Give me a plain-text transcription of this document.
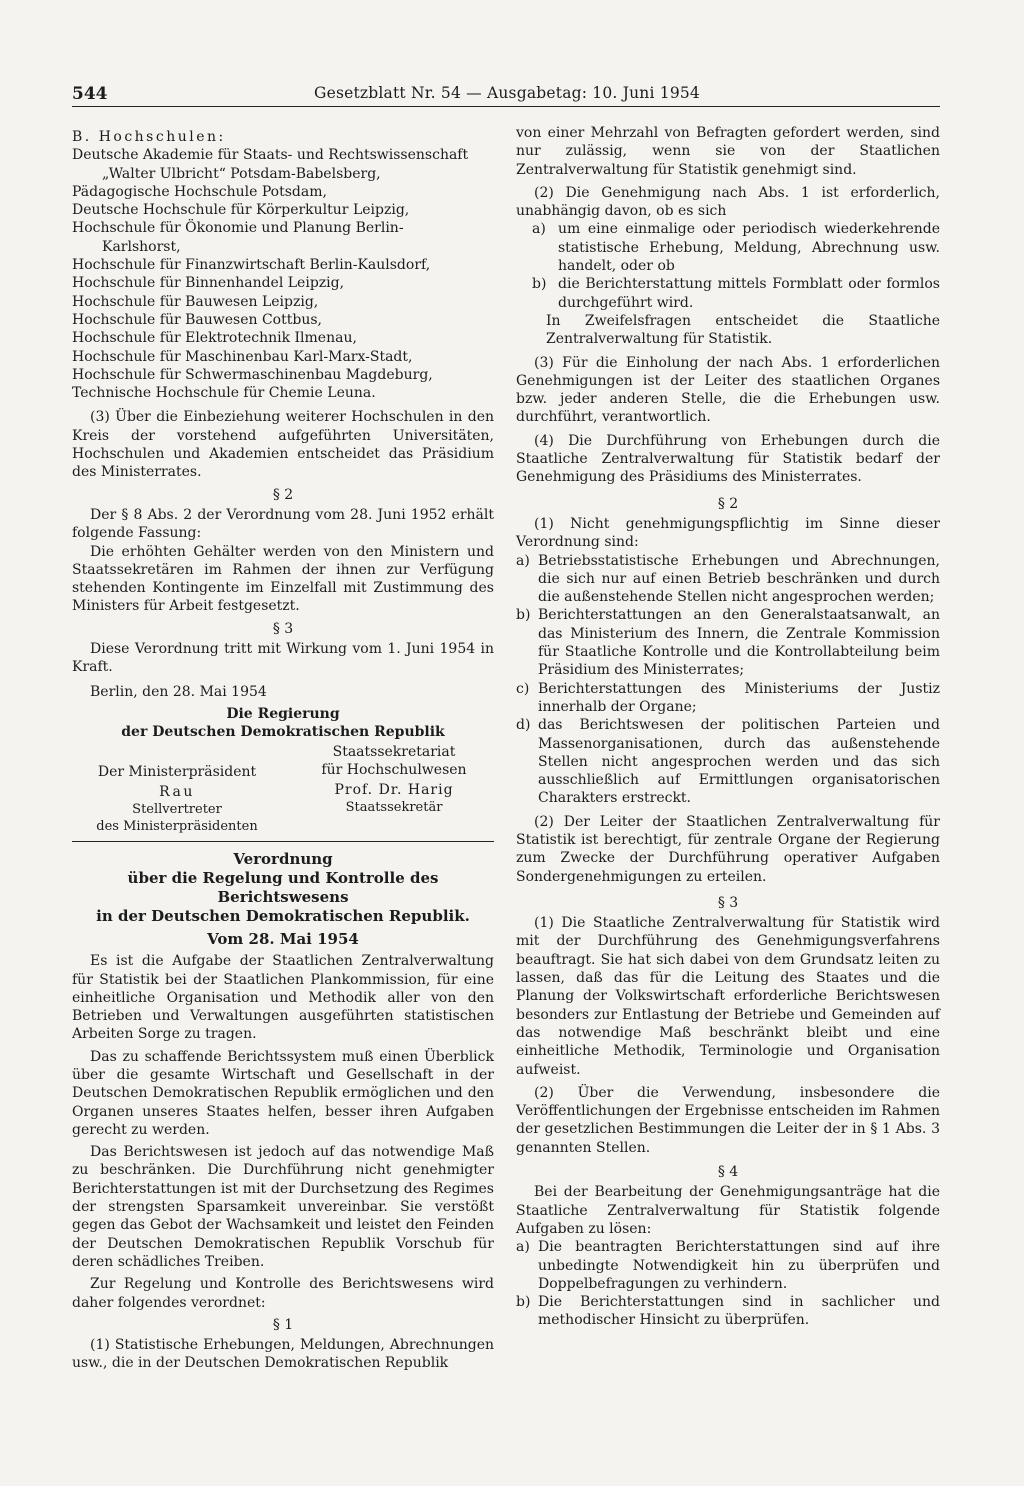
544	Gesetzblatt Nr. 54 — Ausgabetag: 10. Juni 1954

B. Hochschulen:

Deutsche Akademie für Staats- und Rechtswissenschaft

„Walter Ulbricht“ Potsdam-Babelsberg,

Pädagogische Hochschule Potsdam,

Deutsche Hochschule für Körperkultur Leipzig,

Hochschule für Ökonomie und Planung Berlin-

Karlshorst,

Hochschule für Finanzwirtschaft Berlin-Kaulsdorf,

Hochschule für Binnenhandel Leipzig,

Hochschule für Bauwesen Leipzig,

Hochschule für Bauwesen Cottbus,

Hochschule für Elektrotechnik Ilmenau,

Hochschule für Maschinenbau Karl-Marx-Stadt,

Hochschule für Schwermaschinenbau Magdeburg,

Technische Hochschule für Chemie Leuna.

(3) Über die Einbeziehung weiterer Hochschulen in den Kreis der vorstehend aufgeführten Universitäten, Hochschulen und Akademien entscheidet das Präsidium des Ministerrates.

§ 2

Der § 8 Abs. 2 der Verordnung vom 28. Juni 1952 erhält folgende Fassung:

Die erhöhten Gehälter werden von den Ministern und Staatssekretären im Rahmen der ihnen zur Verfügung stehenden Kontingente im Einzelfall mit Zustimmung des Ministers für Arbeit festgesetzt.

§ 3

Diese Verordnung tritt mit Wirkung vom 1. Juni 1954 in Kraft.

Berlin, den 28. Mai 1954

Die Regierung
der Deutschen Demokratischen Republik
Der Ministerpräsident
Rau
Stellvertreter
des Ministerpräsidenten
Staatssekretariat
für Hochschulwesen
Prof. Dr. Harig
Staatssekretär
Verordnung
über die Regelung und Kontrolle des Berichtswesens
in der Deutschen Demokratischen Republik.
Vom 28. Mai 1954

Es ist die Aufgabe der Staatlichen Zentralverwaltung für Statistik bei der Staatlichen Plankommission, für eine einheitliche Organisation und Methodik aller von den Betrieben und Verwaltungen ausgeführten statistischen Arbeiten Sorge zu tragen.

Das zu schaffende Berichtssystem muß einen Überblick über die gesamte Wirtschaft und Gesellschaft in der Deutschen Demokratischen Republik ermöglichen und den Organen unseres Staates helfen, besser ihren Aufgaben gerecht zu werden.

Das Berichtswesen ist jedoch auf das notwendige Maß zu beschränken. Die Durchführung nicht genehmigter Berichterstattungen ist mit der Durchsetzung des Regimes der strengsten Sparsamkeit unvereinbar. Sie verstößt gegen das Gebot der Wachsamkeit und leistet den Feinden der Deutschen Demokratischen Republik Vorschub für deren schädliches Treiben.

Zur Regelung und Kontrolle des Berichtswesens wird daher folgendes verordnet:

§ 1

(1) Statistische Erhebungen, Meldungen, Abrechnungen usw., die in der Deutschen Demokratischen Republik

von einer Mehrzahl von Befragten gefordert werden, sind nur zulässig, wenn sie von der Staatlichen Zentralverwaltung für Statistik genehmigt sind.

(2) Die Genehmigung nach Abs. 1 ist erforderlich, unabhängig davon, ob es sich

a) um eine einmalige oder periodisch wiederkehrende statistische Erhebung, Meldung, Abrechnung usw. handelt, oder ob
b) die Berichterstattung mittels Formblatt oder formlos durchgeführt wird.

In Zweifelsfragen entscheidet die Staatliche Zentralverwaltung für Statistik.

(3) Für die Einholung der nach Abs. 1 erforderlichen Genehmigungen ist der Leiter des staatlichen Organes bzw. jeder anderen Stelle, die die Erhebungen usw. durchführt, verantwortlich.

(4) Die Durchführung von Erhebungen durch die Staatliche Zentralverwaltung für Statistik bedarf der Genehmigung des Präsidiums des Ministerrates.

§ 2

(1) Nicht genehmigungspflichtig im Sinne dieser Verordnung sind:

a) Betriebsstatistische Erhebungen und Abrechnungen, die sich nur auf einen Betrieb beschränken und durch die außenstehende Stellen nicht angesprochen werden;
b) Berichterstattungen an den Generalstaatsanwalt, an das Ministerium des Innern, die Zentrale Kommission für Staatliche Kontrolle und die Kontrollabteilung beim Präsidium des Ministerrates;
c) Berichterstattungen des Ministeriums der Justiz innerhalb der Organe;
d) das Berichtswesen der politischen Parteien und Massenorganisationen, durch das außenstehende Stellen nicht angesprochen werden und das sich ausschließlich auf Ermittlungen organisatorischen Charakters erstreckt.

(2) Der Leiter der Staatlichen Zentralverwaltung für Statistik ist berechtigt, für zentrale Organe der Regierung zum Zwecke der Durchführung operativer Aufgaben Sondergenehmigungen zu erteilen.

§ 3

(1) Die Staatliche Zentralverwaltung für Statistik wird mit der Durchführung des Genehmigungsverfahrens beauftragt. Sie hat sich dabei von dem Grundsatz leiten zu lassen, daß das für die Leitung des Staates und die Planung der Volkswirtschaft erforderliche Berichtswesen besonders zur Entlastung der Betriebe und Gemeinden auf das notwendige Maß beschränkt bleibt und eine einheitliche Methodik, Terminologie und Organisation aufweist.

(2) Über die Verwendung, insbesondere die Veröffentlichungen der Ergebnisse entscheiden im Rahmen der gesetzlichen Bestimmungen die Leiter der in § 1 Abs. 3 genannten Stellen.

§ 4

Bei der Bearbeitung der Genehmigungsanträge hat die Staatliche Zentralverwaltung für Statistik folgende Aufgaben zu lösen:

a) Die beantragten Berichterstattungen sind auf ihre unbedingte Notwendigkeit hin zu überprüfen und Doppelbefragungen zu verhindern.
b) Die Berichterstattungen sind in sachlicher und methodischer Hinsicht zu überprüfen.
